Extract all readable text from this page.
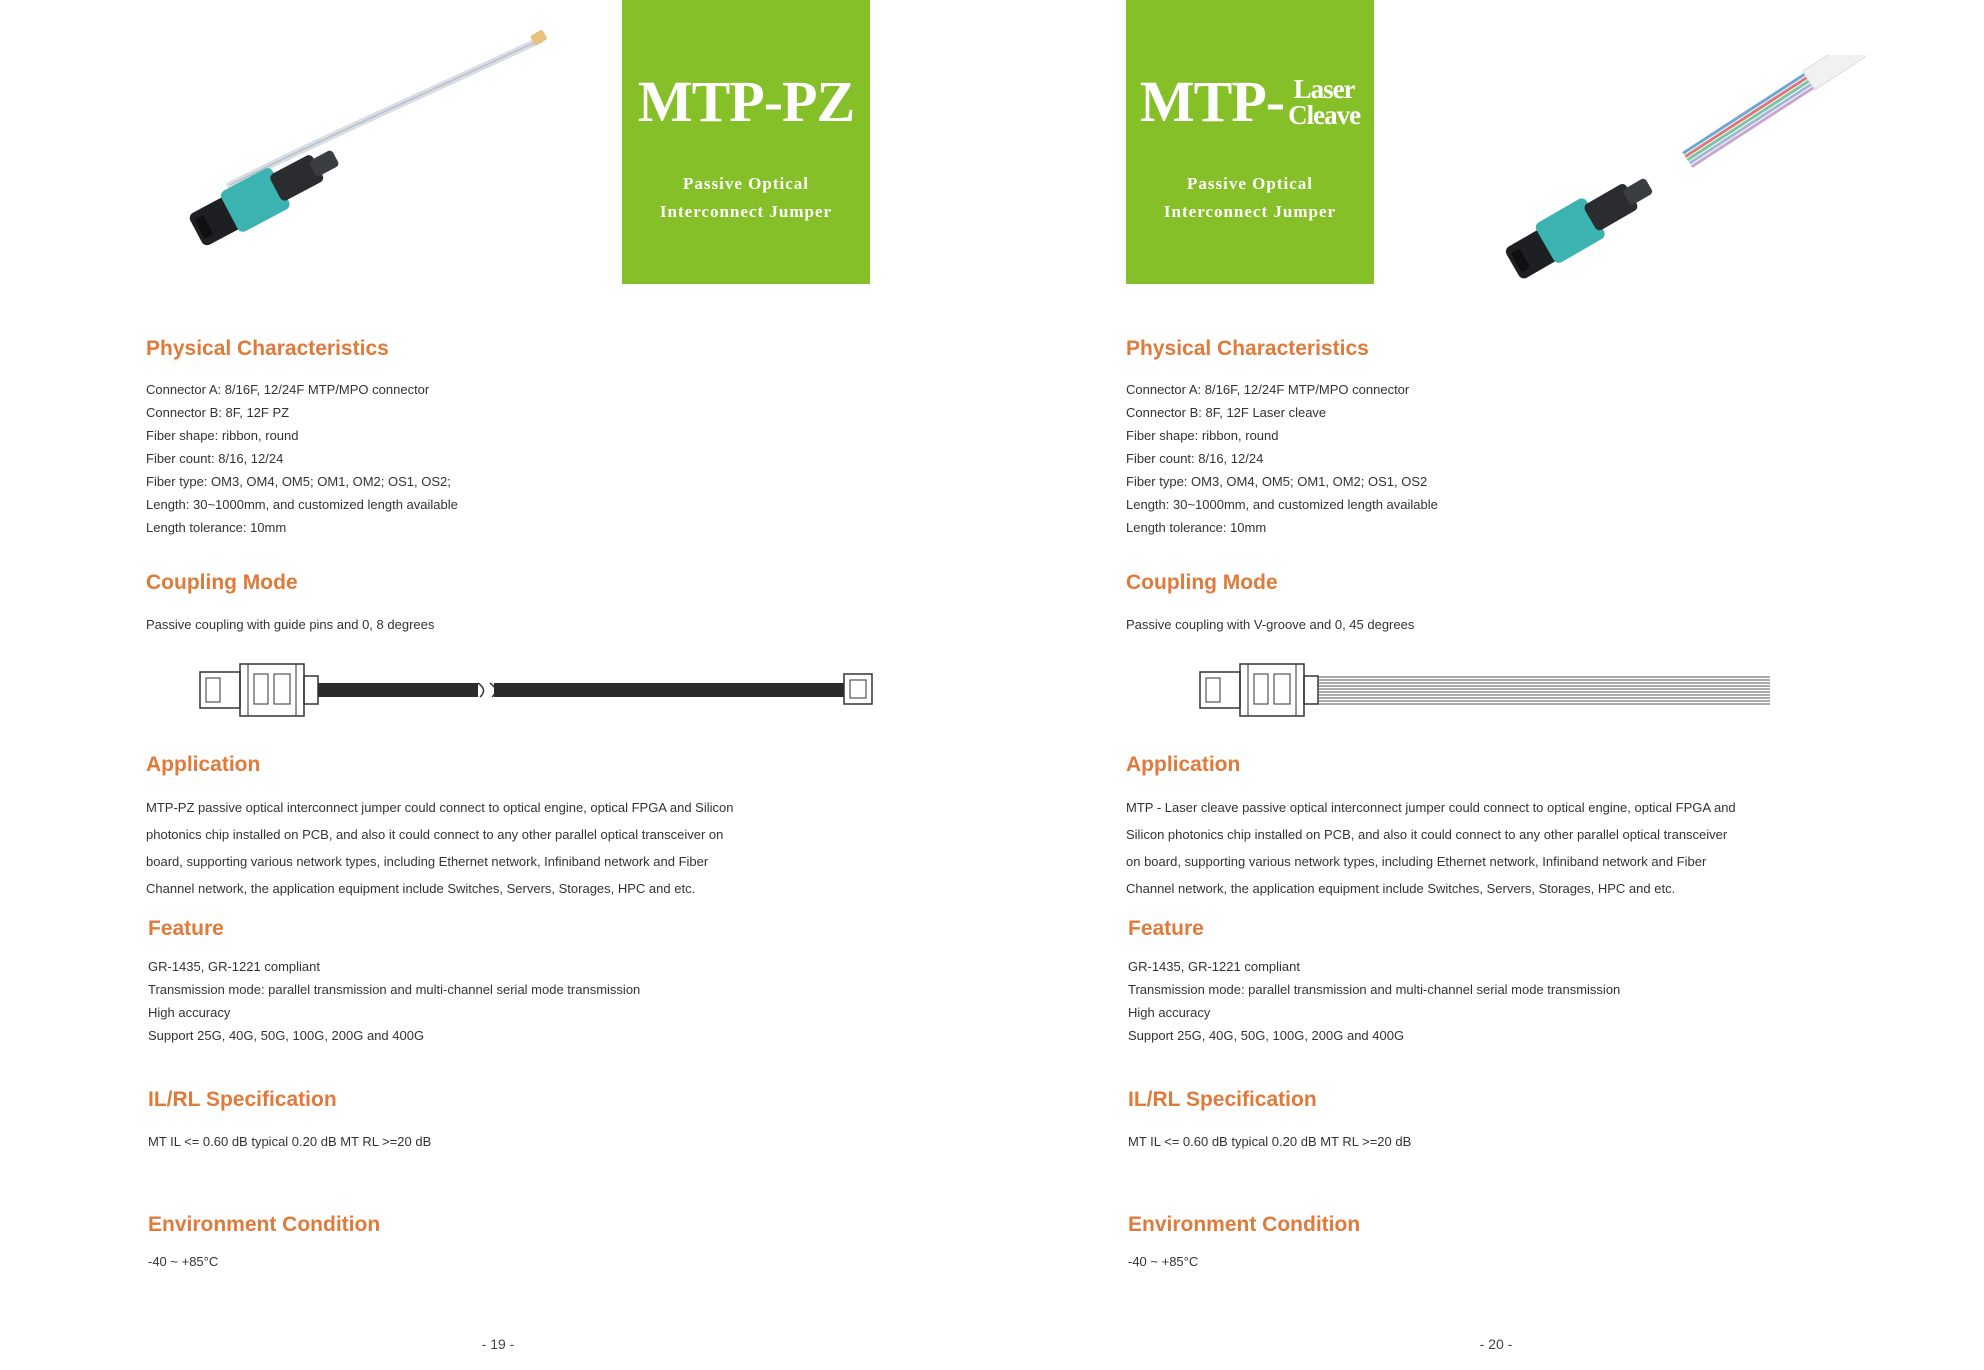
MTP-PZ
Passive Optical
Interconnect Jumper
Physical Characteristics
Connector A: 8/16F, 12/24F MTP/MPO connector
Connector B: 8F, 12F PZ
Fiber shape: ribbon, round
Fiber count: 8/16, 12/24
Fiber type: OM3, OM4, OM5; OM1, OM2; OS1, OS2;
Length: 30~1000mm, and customized length available
Length tolerance: 10mm
Coupling Mode
Passive coupling with guide pins and 0, 8 degrees
Application
MTP-PZ passive optical interconnect jumper could connect to optical engine, optical FPGA and Silicon
photonics chip installed on PCB, and also it could connect to any other parallel optical transceiver on
board, supporting various network types, including Ethernet network, Infiniband network and Fiber
Channel network, the application equipment include Switches, Servers, Storages, HPC and etc.
Feature
GR-1435, GR-1221 compliant
Transmission mode: parallel transmission and multi-channel serial mode transmission
High accuracy
Support 25G, 40G, 50G, 100G, 200G and 400G
IL/RL Specification
MT IL <= 0.60 dB typical 0.20 dB MT RL >=20 dB
Environment Condition
-40 ~ +85°C
- 19 -
MTP- Laser
Cleave
Passive Optical
Interconnect Jumper
Physical Characteristics
Connector A: 8/16F, 12/24F MTP/MPO connector
Connector B: 8F, 12F Laser cleave
Fiber shape: ribbon, round
Fiber count: 8/16, 12/24
Fiber type: OM3, OM4, OM5; OM1, OM2; OS1, OS2
Length: 30~1000mm, and customized length available
Length tolerance: 10mm
Coupling Mode
Passive coupling with V-groove and 0, 45 degrees
Application
MTP - Laser cleave passive optical interconnect jumper could connect to optical engine, optical FPGA and
Silicon photonics chip installed on PCB, and also it could connect to any other parallel optical transceiver
on board, supporting various network types, including Ethernet network, Infiniband network and Fiber
Channel network, the application equipment include Switches, Servers, Storages, HPC and etc.
Feature
GR-1435, GR-1221 compliant
Transmission mode: parallel transmission and multi-channel serial mode transmission
High accuracy
Support 25G, 40G, 50G, 100G, 200G and 400G
IL/RL Specification
MT IL <= 0.60 dB typical 0.20 dB MT RL >=20 dB
Environment Condition
-40 ~ +85°C
- 20 -
